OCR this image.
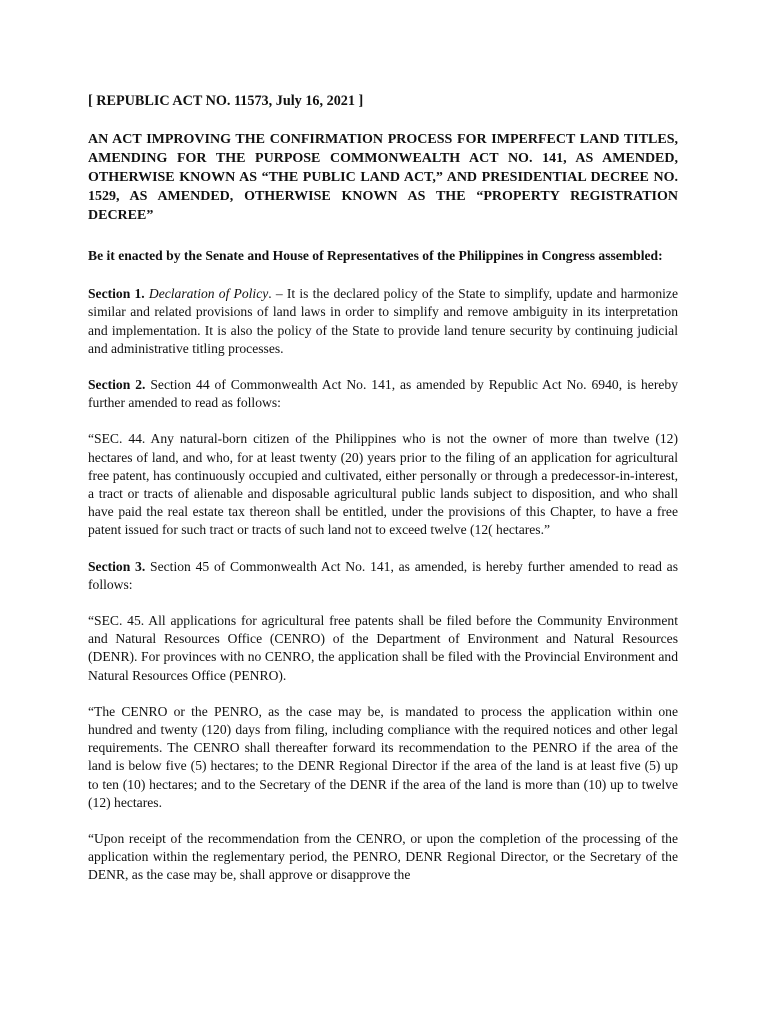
[ REPUBLIC ACT NO. 11573, July 16, 2021 ]
AN ACT IMPROVING THE CONFIRMATION PROCESS FOR IMPERFECT LAND TITLES, AMENDING FOR THE PURPOSE COMMONWEALTH ACT NO. 141, AS AMENDED, OTHERWISE KNOWN AS “THE PUBLIC LAND ACT,” AND PRESIDENTIAL DECREE NO. 1529, AS AMENDED, OTHERWISE KNOWN AS THE “PROPERTY REGISTRATION DECREE”
Be it enacted by the Senate and House of Representatives of the Philippines in Congress assembled:

Section 1. Declaration of Policy. – It is the declared policy of the State to simplify, update and harmonize similar and related provisions of land laws in order to simplify and remove ambiguity in its interpretation and implementation. It is also the policy of the State to provide land tenure security by continuing judicial and administrative titling processes.

Section 2. Section 44 of Commonwealth Act No. 141, as amended by Republic Act No. 6940, is hereby further amended to read as follows:

“SEC. 44. Any natural-born citizen of the Philippines who is not the owner of more than twelve (12) hectares of land, and who, for at least twenty (20) years prior to the filing of an application for agricultural free patent, has continuously occupied and cultivated, either personally or through a predecessor-in-interest, a tract or tracts of alienable and disposable agricultural public lands subject to disposition, and who shall have paid the real estate tax thereon shall be entitled, under the provisions of this Chapter, to have a free patent issued for such tract or tracts of such land not to exceed twelve (12( hectares.”

Section 3. Section 45 of Commonwealth Act No. 141, as amended, is hereby further amended to read as follows:

“SEC. 45. All applications for agricultural free patents shall be filed before the Community Environment and Natural Resources Office (CENRO) of the Department of Environment and Natural Resources (DENR). For provinces with no CENRO, the application shall be filed with the Provincial Environment and Natural Resources Office (PENRO).

“The CENRO or the PENRO, as the case may be, is mandated to process the application within one hundred and twenty (120) days from filing, including compliance with the required notices and other legal requirements. The CENRO shall thereafter forward its recommendation to the PENRO if the area of the land is below five (5) hectares; to the DENR Regional Director if the area of the land is at least five (5) up to ten (10) hectares; and to the Secretary of the DENR if the area of the land is more than (10) up to twelve (12) hectares.

“Upon receipt of the recommendation from the CENRO, or upon the completion of the processing of the application within the reglementary period, the PENRO, DENR Regional Director, or the Secretary of the DENR, as the case may be, shall approve or disapprove the
